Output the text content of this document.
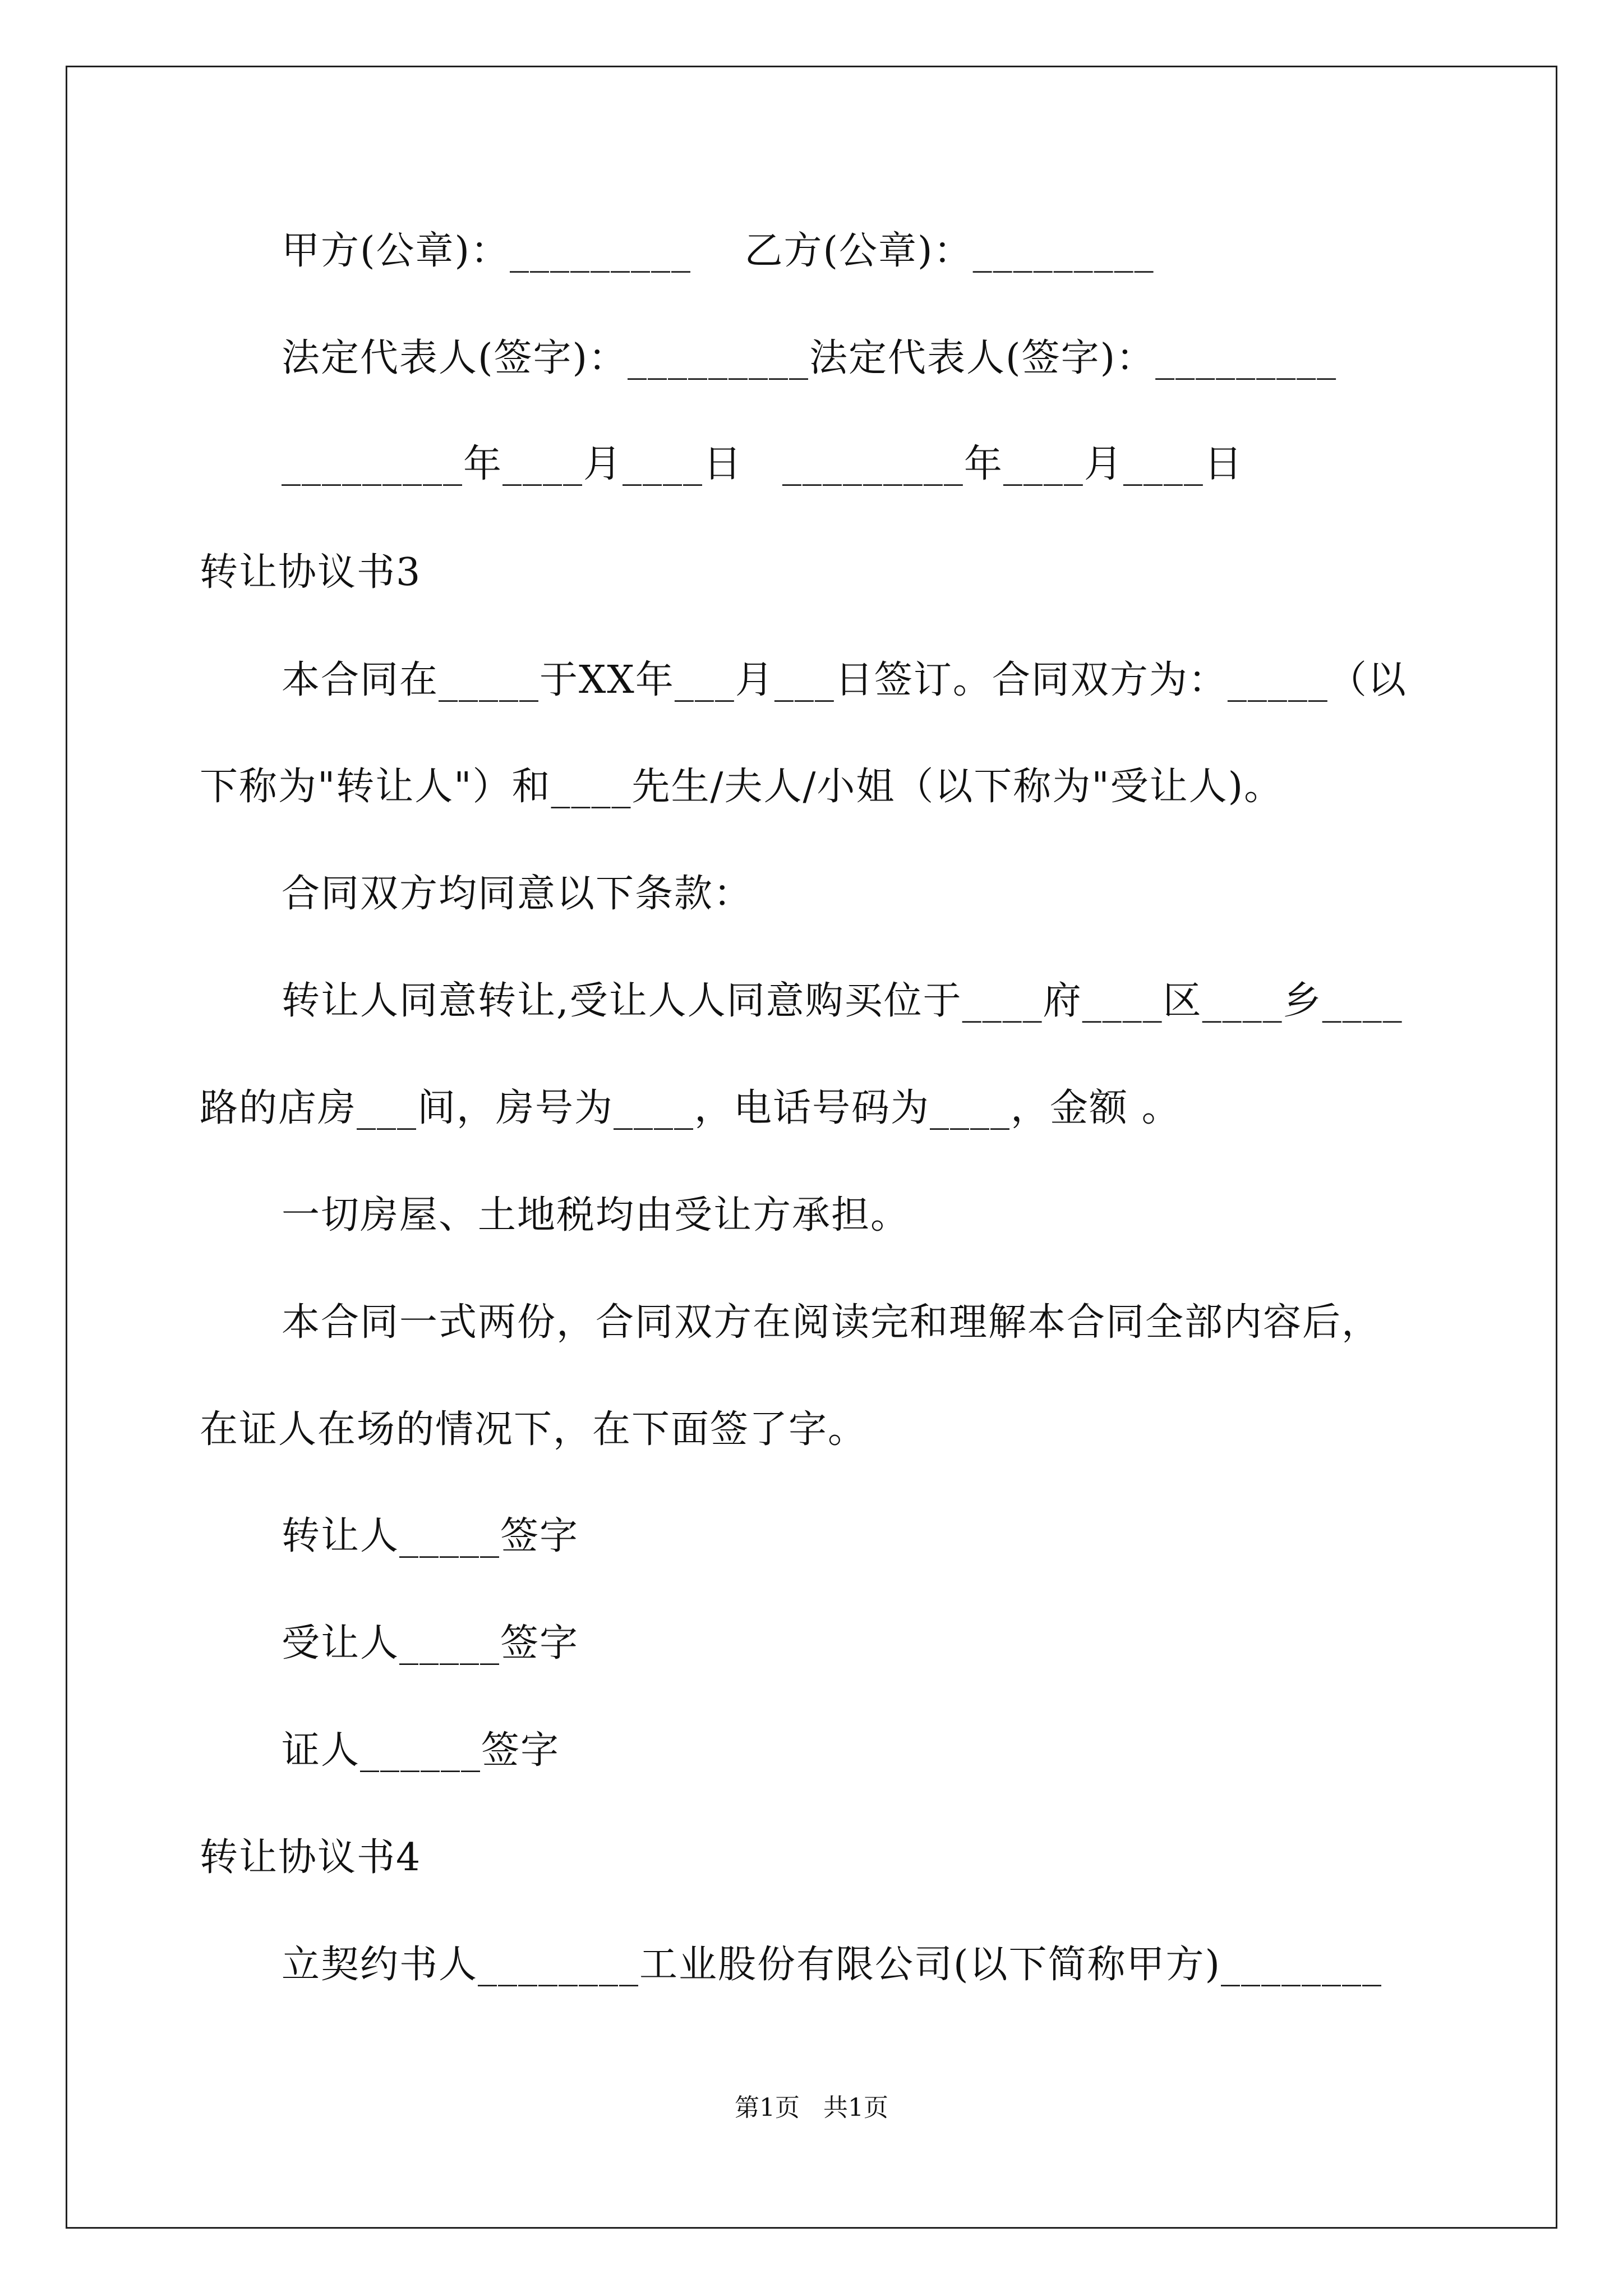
甲方(公章)：_________    乙方(公章)：_________
法定代表人(签字)：_________法定代表人(签字)：_________
_________年____月____日   _________年____月____日
转让协议书3
本合同在_____于XX年___月___日签订。合同双方为：_____（以
下称为"转让人"）和____先生/夫人/小姐（以下称为"受让人)。
合同双方均同意以下条款：
转让人同意转让,受让人人同意购买位于____府____区____乡____
路的店房___间，房号为____，电话号码为____，金额 。
一切房屋、土地税均由受让方承担。
本合同一式两份，合同双方在阅读完和理解本合同全部内容后，
在证人在场的情况下，在下面签了字。
转让人_____签字
受让人_____签字
证人______签字
转让协议书4
立契约书人________工业股份有限公司(以下简称甲方)________
第1页   共1页
